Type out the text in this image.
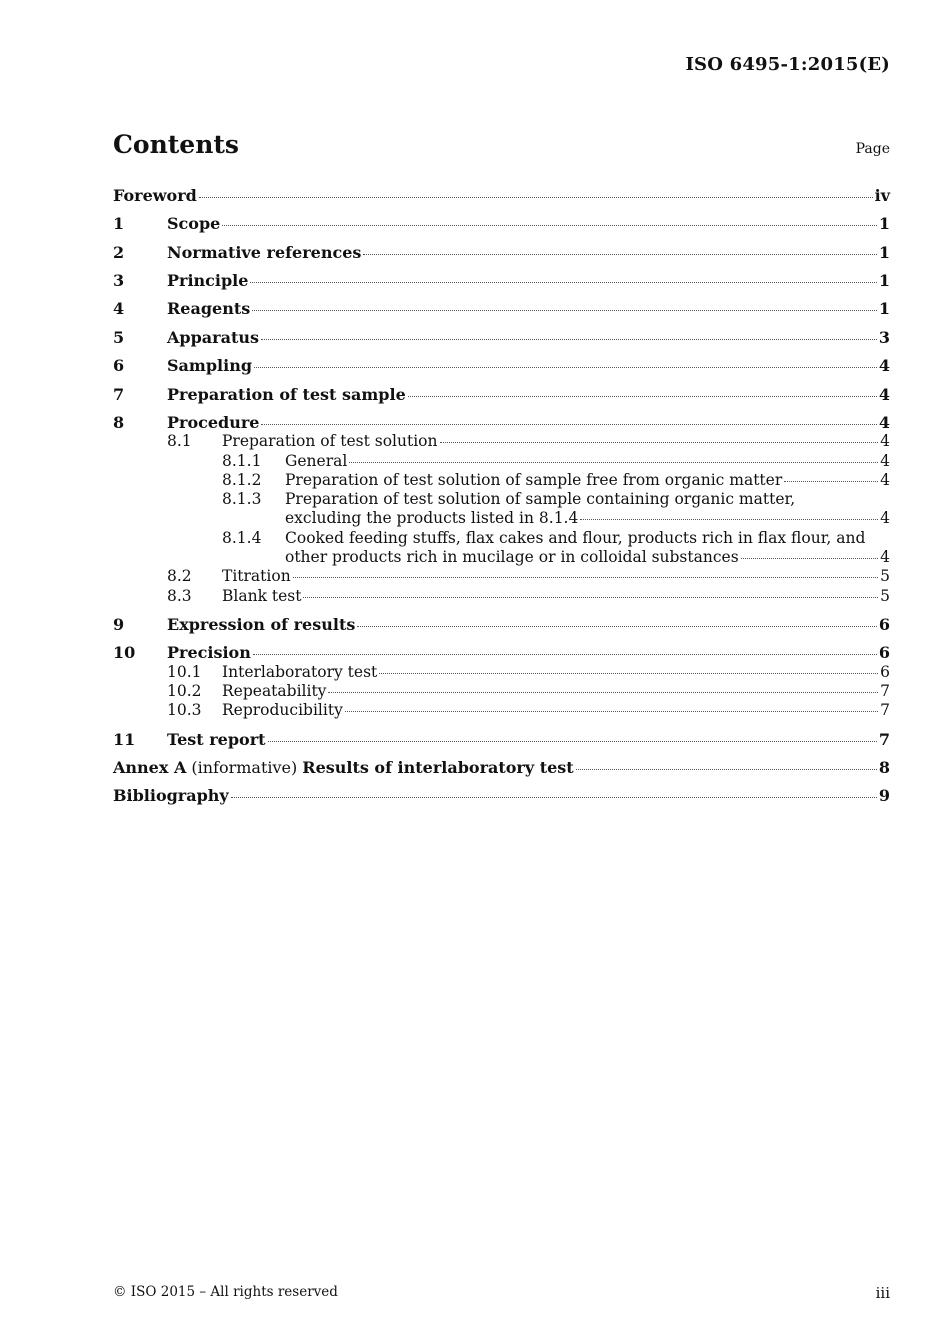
ISO 6495-1:2015(E)
Contents	Page
Foreword	iv
1	Scope	1
2	Normative references	1
3	Principle	1
4	Reagents	1
5	Apparatus	3
6	Sampling	4
7	Preparation of test sample	4
8	Procedure	4
8.1	Preparation of test solution	4
8.1.1	General	4
8.1.2	Preparation of test solution of sample free from organic matter	4
8.1.3	Preparation of test solution of sample containing organic matter,
excluding the products listed in 8.1.4	4
8.1.4	Cooked feeding stuffs, flax cakes and flour, products rich in flax flour, and
other products rich in mucilage or in colloidal substances	4
8.2	Titration	5
8.3	Blank test	5
9	Expression of results	6
10	Precision	6
10.1	Interlaboratory test	6
10.2	Repeatability	7
10.3	Reproducibility	7
11	Test report	7
Annex A (informative) Results of interlaboratory test	8
Bibliography	9
© ISO 2015 – All rights reserved	iii
